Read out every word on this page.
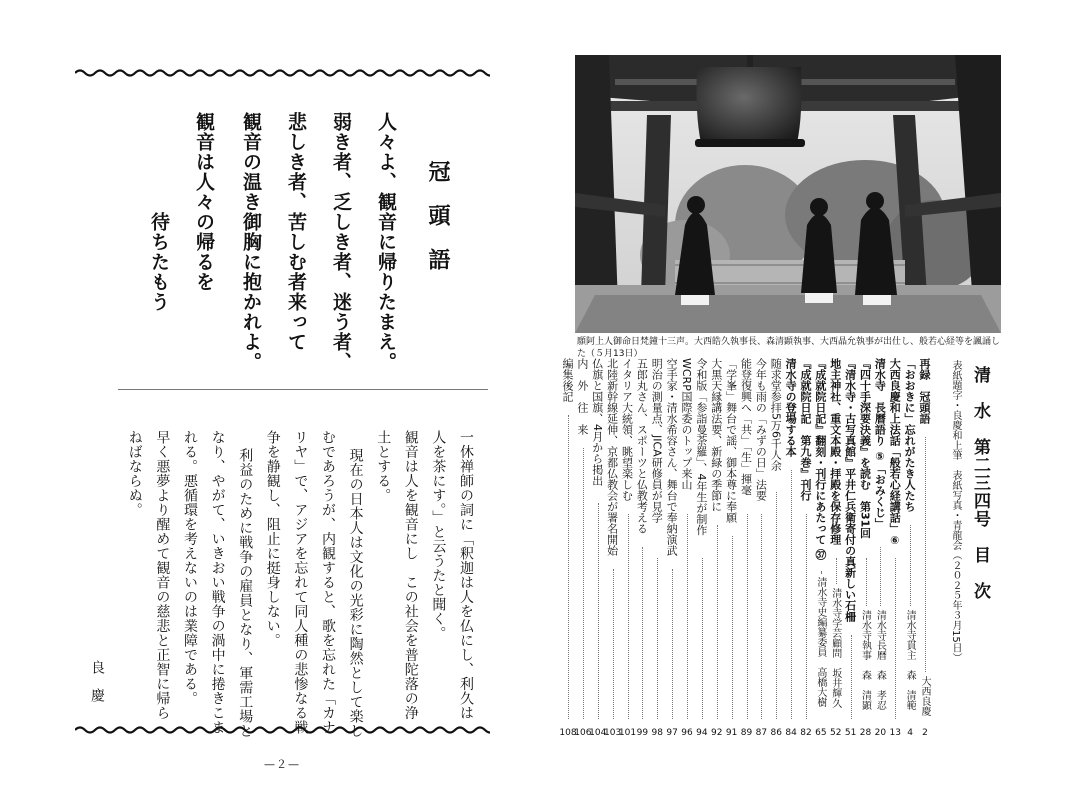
冠　頭　語
人々よ、観音に帰りたまえ。
弱き者、乏しき者、迷う者、
悲しき者、苦しむ者来って
観音の温き御胸に抱かれよ。
観音は人々の帰るを
　　　　　待ちたもう
一休禅師の詞に「釈迦は人を仏にし、利久は
人を茶にす。」と云うたと聞く。
観音は人を観音にし　この社会を普陀落の浄
土とする。
現在の日本人は文化の光彩に陶然として楽し
むであろうが、内観すると、歌を忘れた「カナ
リヤ」で、アジアを忘れて同人種の悲惨なる戦
争を静観し、阻止に挺身しない。
利益のために戦争の雇員となり、軍需工場と
なり、やがて、いきおい戦争の渦中に捲きこま
れる。悪循環を考えないのは業障である。
早く悪夢より醒めて観音の慈悲と正智に帰ら
ねばならぬ。
良　慶
—２—
願阿上人御命日梵鐘十三声。大西皓久執事長、森清顕執事、大西晶允執事が出仕し、般若心経等を諷誦した（５月13日）
清　水　第二三四号　目　次
表紙題字・良慶和上筆　表紙写真・青龍会（２０２５年３月15日）
再録　冠頭語
大西良慶
2
「おおきに」忘れがたき人たち
清水寺貫主　森　清範
4
大西良慶和上法話「般若心経講話」⑥
13
清水寺　長曆語り ⑤「おみくじ」
清水寺長曆　森　孝忍
20
『四十手深要決義』を読む　第31回
清水寺執事　森　清顕
28
『清水寺・古写真館』平井仁兵衛寄付の真新しい石柵
51
地主神社、重文本殿・拝殿を保存修理
清水寺学芸顧問　坂井輝久
52
『成就院日記』翻刻・刊行にあたって ㊲
清水寺史編纂委員　高橋大樹
65
『成就院日記　第九巻』刊行
82
清水寺の登場する本
84
随求堂参拝5万6千人余
86
今年も雨の「みずの日」法要
87
能登復興へ「共」「生」揮毫
89
「学峯」舞台で謡、御本尊に奉願
91
大黒天縁講法要、新緑の季節に
92
令和版「参詣曼荼羅」、4年生が制作
94
WCRP国際委のトップ来山
96
空手家・清水希容さん、舞台で奉納演武
97
明治の測量点、JICA研修員が見学
98
五郎丸さん、スポーツと仏教考える
99
イタリア大統領、眺望楽しむ
101
北陸新幹線延伸、京都仏教会が署名開始
103
仏旗と国旗、4月から掲出
104
内　外　往　来
106
編集後記
108
